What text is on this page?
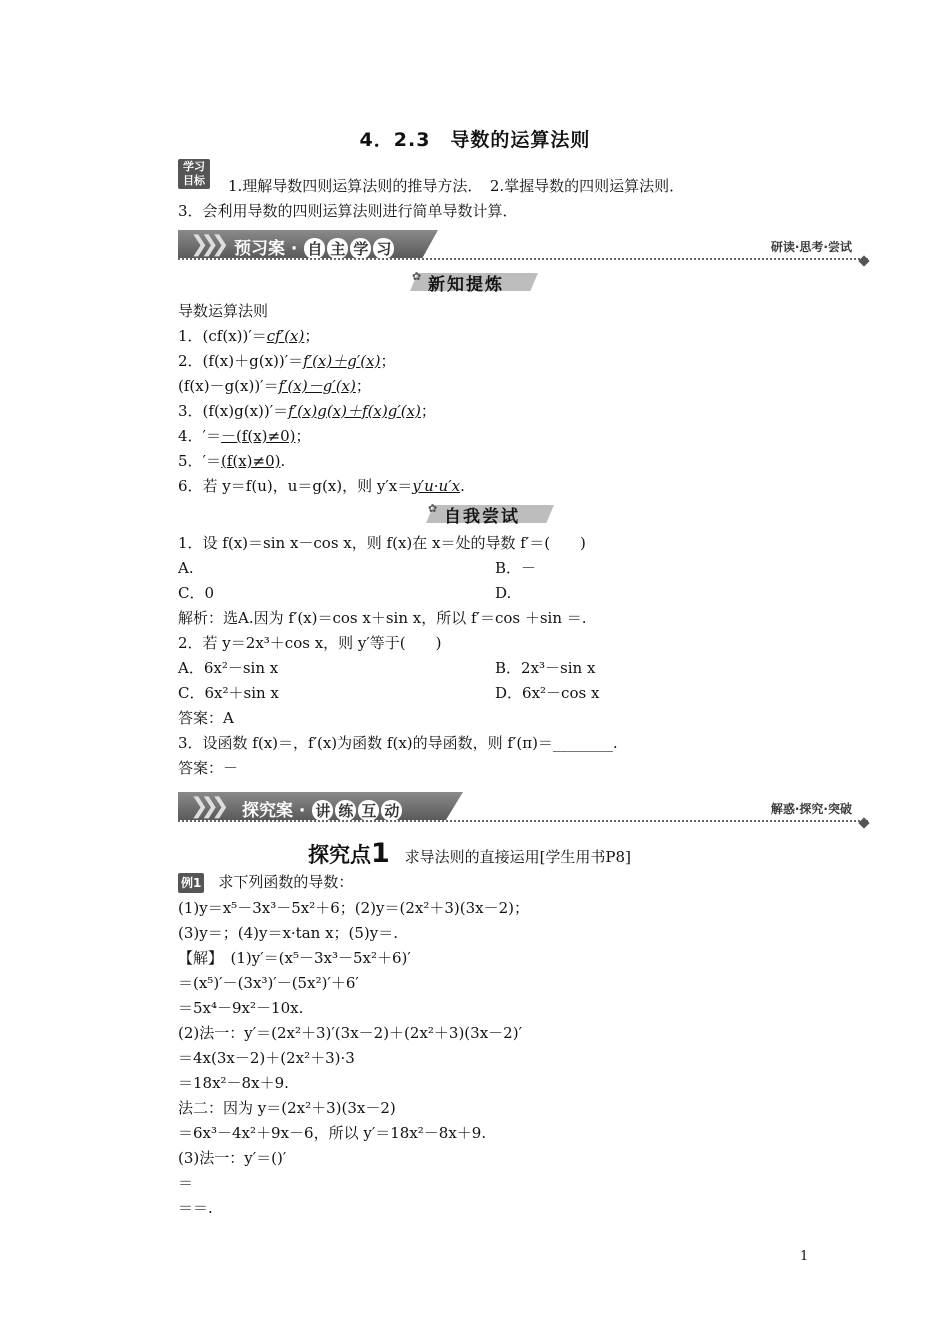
4．2.3　导数的运算法则
学习
目标	1.理解导数四则运算法则的推导方法．　2.掌握导数的四则运算法则．
3．会利用导数的四则运算法则进行简单导数计算．
❯❯❯ 预习案 · 自 主 学 习	研读·思考·尝试
✿ 新知提炼
导数运算法则
1．(cf(x))′＝cf′(x)；
2．(f(x)＋g(x))′＝f′(x)＋g′(x)；
(f(x)－g(x))′＝f′(x)－g′(x)；
3．(f(x)g(x))′＝f′(x)g(x)＋f(x)g′(x)；
4．′＝－(f(x)≠0)；
5．′＝(f(x)≠0).
6．若 y＝f(u)，u＝g(x)，则 y′x＝y′u·u′x.
✿ 自我尝试
1．设 f(x)＝sin x－cos x，则 f(x)在 x＝处的导数 f′＝(　　)
A.	B．－
C．0	D.
解析：选A.因为 f′(x)＝cos x＋sin x，所以 f′＝cos ＋sin ＝.
2．若 y＝2x³＋cos x，则 y′等于(　　)
A．6x²－sin x	B．2x³－sin x
C．6x²＋sin x	D．6x²－cos x
答案：A
3．设函数 f(x)＝，f′(x)为函数 f(x)的导函数，则 f′(π)＝________.
答案：－
❯❯❯ 探究案 · 讲 练 互 动	解惑·探究·突破
探究点1 求导法则的直接运用[学生用书P8]
例1 求下列函数的导数：
(1)y＝x⁵－3x³－5x²＋6；(2)y＝(2x²＋3)(3x－2)；
(3)y＝；(4)y＝x·tan x；(5)y＝.
【解】　(1)y′＝(x⁵－3x³－5x²＋6)′
＝(x⁵)′－(3x³)′－(5x²)′＋6′
＝5x⁴－9x²－10x.
(2)法一：y′＝(2x²＋3)′(3x－2)＋(2x²＋3)(3x－2)′
＝4x(3x－2)＋(2x²＋3)·3
＝18x²－8x＋9.
法二：因为 y＝(2x²＋3)(3x－2)
＝6x³－4x²＋9x－6，所以 y′＝18x²－8x＋9.
(3)法一：y′＝()′
＝
＝＝.
1
